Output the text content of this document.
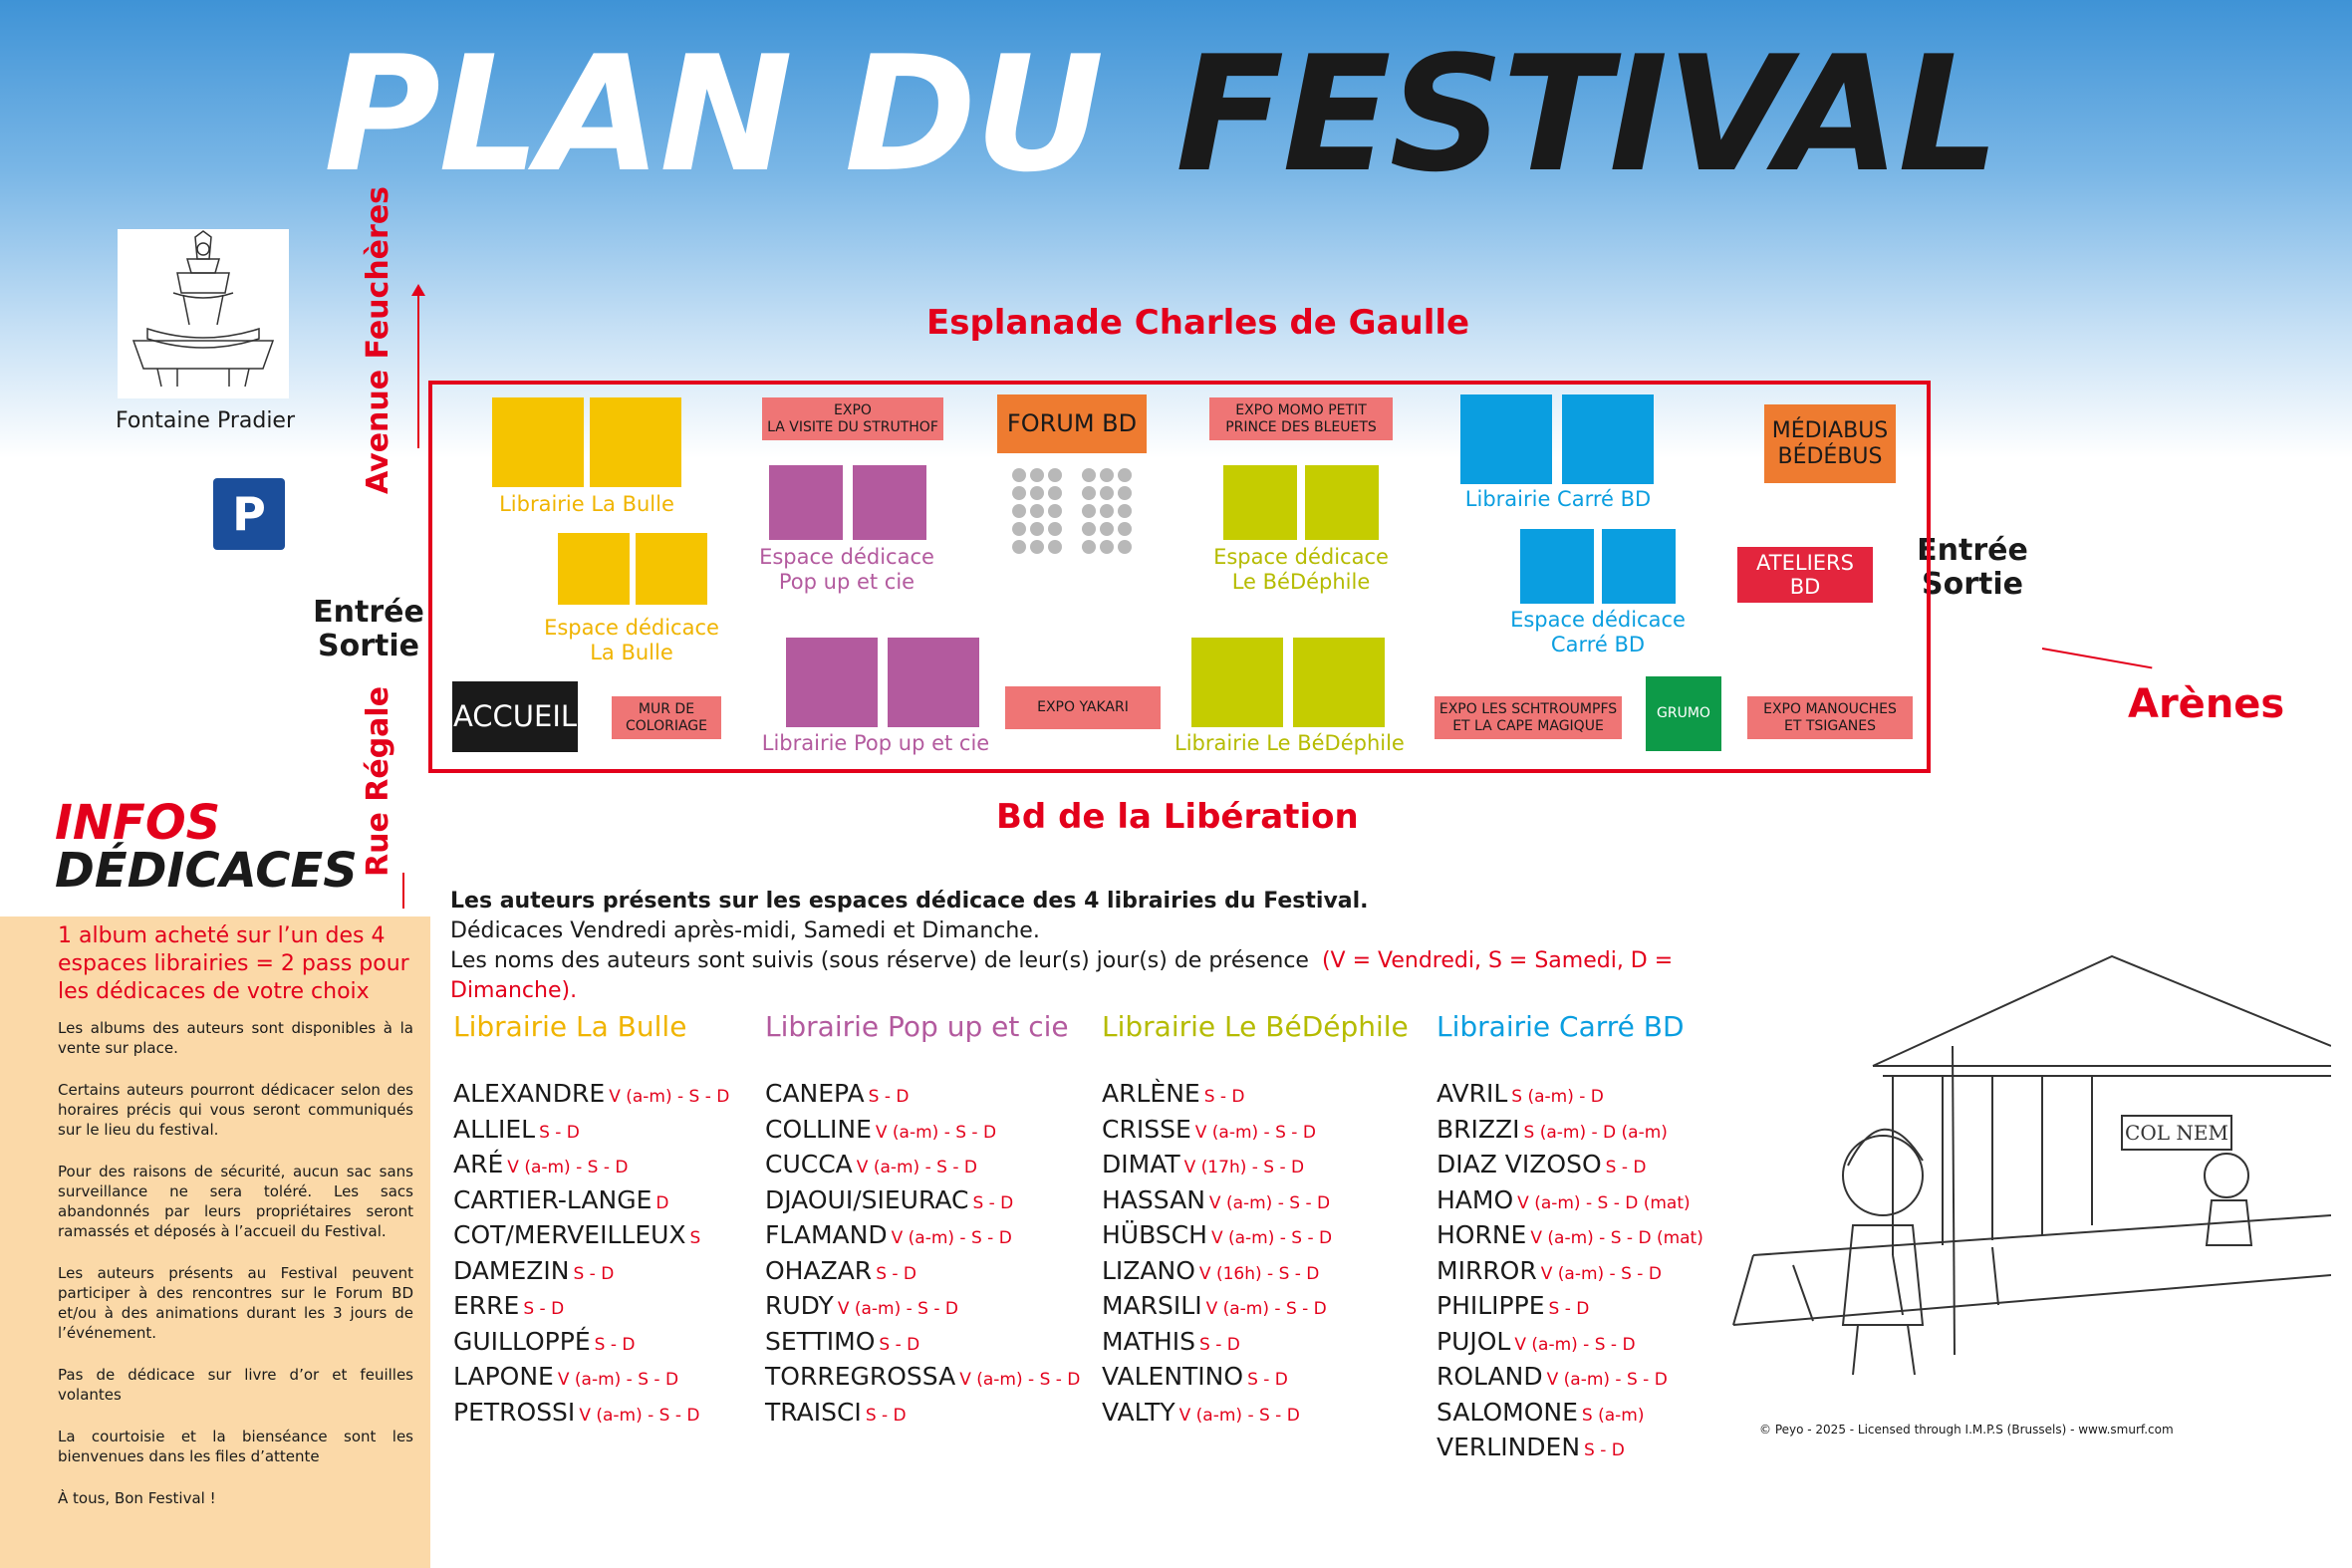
PLAN DU FESTIVAL
Fontaine Pradier
P
Esplanade Charles de Gaulle
Bd de la Libération
Avenue Feuchères
Rue Régale
Entrée
Sortie
Entrée
Sortie
Arènes
Librairie La Bulle
Espace dédicace
La Bulle
EXPO
LA VISITE DU STRUTHOF
Espace dédicace
Pop up et cie
Librairie Pop up et cie
FORUM BD
EXPO YAKARI
EXPO MOMO PETIT
PRINCE DES BLEUETS
Espace dédicace
Le BéDéphile
Librairie Le BéDéphile
Librairie Carré BD
Espace dédicace
Carré BD
MÉDIABUS
BÉDÉBUS
ATELIERS
BD
ACCUEIL	MUR DE
COLORIAGE
EXPO LES SCHTROUMPFS
ET LA CAPE MAGIQUE
GRUMO	EXPO MANOUCHES
ET TSIGANES
INFOS
DÉDICACES
1 album acheté sur l’un des 4 espaces librairies = 2 pass pour les dédicaces de votre choix

Les albums des auteurs sont disponibles à la vente sur place.

Certains auteurs pourront dédicacer selon des horaires précis qui vous seront communiqués sur le lieu du festival.

Pour des raisons de sécurité, aucun sac sans surveillance ne sera toléré. Les sacs abandonnés par leurs propriétaires seront ramassés et déposés à l’accueil du Festival.

Les auteurs présents au Festival peuvent participer à des rencontres sur le Forum BD et/ou à des animations durant les 3 jours de l’événement.

Pas de dédicace sur livre d’or et feuilles volantes

La courtoisie et la bienséance sont les bienvenues dans les files d’attente

À tous, Bon Festival !

Les auteurs présents sur les espaces dédicace des 4 librairies du Festival.
Dédicaces Vendredi après-midi, Samedi et Dimanche.
Les noms des auteurs sont suivis (sous réserve) de leur(s) jour(s) de présence (V = Vendredi, S = Samedi, D = Dimanche).
Librairie La Bulle
ALEXANDRE V (a-m) - S - D
ALLIEL S - D
ARÉ V (a-m) - S - D
CARTIER-LANGE D
COT/MERVEILLEUX S
DAMEZIN S - D
ERRE S - D
GUILLOPPÉ S - D
LAPONE V (a-m) - S - D
PETROSSI V (a-m) - S - D
Librairie Pop up et cie
CANEPA S - D
COLLINE V (a-m) - S - D
CUCCA V (a-m) - S - D
DJAOUI/SIEURAC S - D
FLAMAND V (a-m) - S - D
OHAZAR S - D
RUDY V (a-m) - S - D
SETTIMO S - D
TORREGROSSA V (a-m) - S - D
TRAISCI S - D
Librairie Le BéDéphile
ARLÈNE S - D
CRISSE V (a-m) - S - D
DIMAT V (17h) - S - D
HASSAN V (a-m) - S - D
HÜBSCH V (a-m) - S - D
LIZANO V (16h) - S - D
MARSILI V (a-m) - S - D
MATHIS S - D
VALENTINO S - D
VALTY V (a-m) - S - D
Librairie Carré BD
AVRIL S (a-m) - D
BRIZZI S (a-m) - D (a-m)
DIAZ VIZOSO S - D
HAMO V (a-m) - S - D (mat)
HORNE V (a-m) - S - D (mat)
MIRROR V (a-m) - S - D
PHILIPPE S - D
PUJOL V (a-m) - S - D
ROLAND V (a-m) - S - D
SALOMONE S (a-m)
VERLINDEN S - D
COL NEM
© Peyo - 2025 - Licensed through I.M.P.S (Brussels) - www.smurf.com
